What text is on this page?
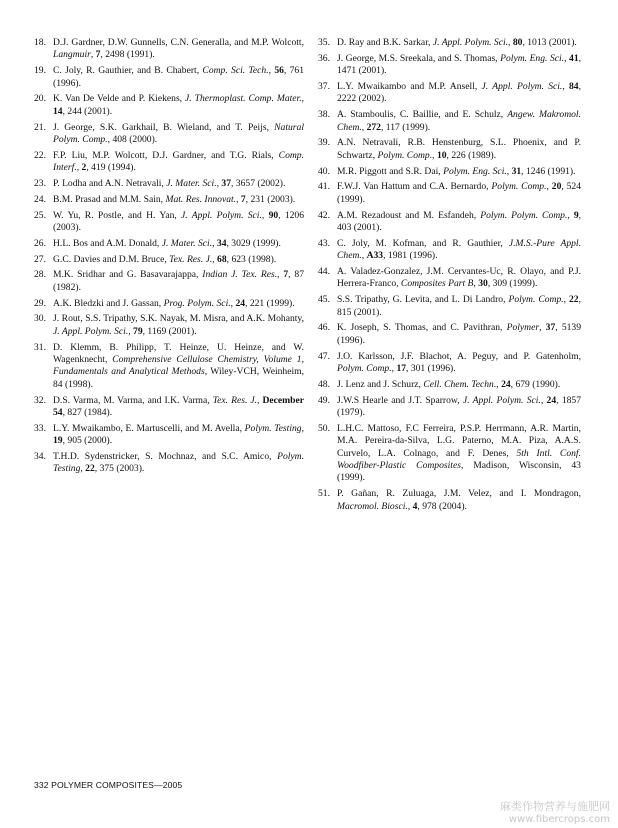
18. D.J. Gardner, D.W. Gunnells, C.N. Generalla, and M.P. Wolcott, Langmuir, 7, 2498 (1991).
19. C. Joly, R. Gauthier, and B. Chabert, Comp. Sci. Tech., 56, 761 (1996).
20. K. Van De Velde and P. Kiekens, J. Thermoplast. Comp. Mater., 14, 244 (2001).
21. J. George, S.K. Garkhail, B. Wieland, and T. Peijs, Natural Polym. Comp., 408 (2000).
22. F.P. Liu, M.P. Wolcott, D.J. Gardner, and T.G. Rials, Comp. Interf., 2, 419 (1994).
23. P. Lodha and A.N. Netravali, J. Mater. Sci., 37, 3657 (2002).
24. B.M. Prasad and M.M. Sain, Mat. Res. Innovat., 7, 231 (2003).
25. W. Yu, R. Postle, and H. Yan, J. Appl. Polym. Sci., 90, 1206 (2003).
26. H.L. Bos and A.M. Donald, J. Mater. Sci., 34, 3029 (1999).
27. G.C. Davies and D.M. Bruce, Tex. Res. J., 68, 623 (1998).
28. M.K. Sridhar and G. Basavarajappa, Indian J. Tex. Res., 7, 87 (1982).
29. A.K. Bledzki and J. Gassan, Prog. Polym. Sci., 24, 221 (1999).
30. J. Rout, S.S. Tripathy, S.K. Nayak, M. Misra, and A.K. Mohanty, J. Appl. Polym. Sci., 79, 1169 (2001).
31. D. Klemm, B. Philipp, T. Heinze, U. Heinze, and W. Wagenknecht, Comprehensive Cellulose Chemistry, Volume 1, Fundamentals and Analytical Methods, Wiley-VCH, Weinheim, 84 (1998).
32. D.S. Varma, M. Varma, and I.K. Varma, Tex. Res. J., December 54, 827 (1984).
33. L.Y. Mwaikambo, E. Martuscelli, and M. Avella, Polym. Testing, 19, 905 (2000).
34. T.H.D. Sydenstricker, S. Mochnaz, and S.C. Amico, Polym. Testing, 22, 375 (2003).
35. D. Ray and B.K. Sarkar, J. Appl. Polym. Sci., 80, 1013 (2001).
36. J. George, M.S. Sreekala, and S. Thomas, Polym. Eng. Sci., 41, 1471 (2001).
37. L.Y. Mwaikambo and M.P. Ansell, J. Appl. Polym. Sci., 84, 2222 (2002).
38. A. Stamboulis, C. Baillie, and E. Schulz, Angew. Makromol. Chem., 272, 117 (1999).
39. A.N. Netravali, R.B. Henstenburg, S.L. Phoenix, and P. Schwartz, Polym. Comp., 10, 226 (1989).
40. M.R. Piggott and S.R. Dai, Polym. Eng. Sci., 31, 1246 (1991).
41. F.W.J. Van Hattum and C.A. Bernardo, Polym. Comp., 20, 524 (1999).
42. A.M. Rezadoust and M. Esfandeh, Polym. Polym. Comp., 9, 403 (2001).
43. C. Joly, M. Kofman, and R. Gauthier, J.M.S.-Pure Appl. Chem., A33, 1981 (1996).
44. A. Valadez-Gonzalez, J.M. Cervantes-Uc, R. Olayo, and P.J. Herrera-Franco, Composites Part B, 30, 309 (1999).
45. S.S. Tripathy, G. Levita, and L. Di Landro, Polym. Comp., 22, 815 (2001).
46. K. Joseph, S. Thomas, and C. Pavithran, Polymer, 37, 5139 (1996).
47. J.O. Karlsson, J.F. Blachot, A. Peguy, and P. Gatenholm, Polym. Comp., 17, 301 (1996).
48. J. Lenz and J. Schurz, Cell. Chem. Techn., 24, 679 (1990).
49. J.W.S Hearle and J.T. Sparrow, J. Appl. Polym. Sci., 24, 1857 (1979).
50. L.H.C. Mattoso, F.C Ferreira, P.S.P. Herrmann, A.R. Martin, M.A. Pereira-da-Silva, L.G. Paterno, M.A. Piza, A.A.S. Curvelo, L.A. Colnago, and F. Denes, 5th Intl. Conf. Woodfiber-Plastic Composites, Madison, Wisconsin, 43 (1999).
51. P. Gañan, R. Zuluaga, J.M. Velez, and I. Mondragon, Macromol. Biosci., 4, 978 (2004).
332 POLYMER COMPOSITES—2005
麻类作物营养与施肥网
www.fibercrops.com
